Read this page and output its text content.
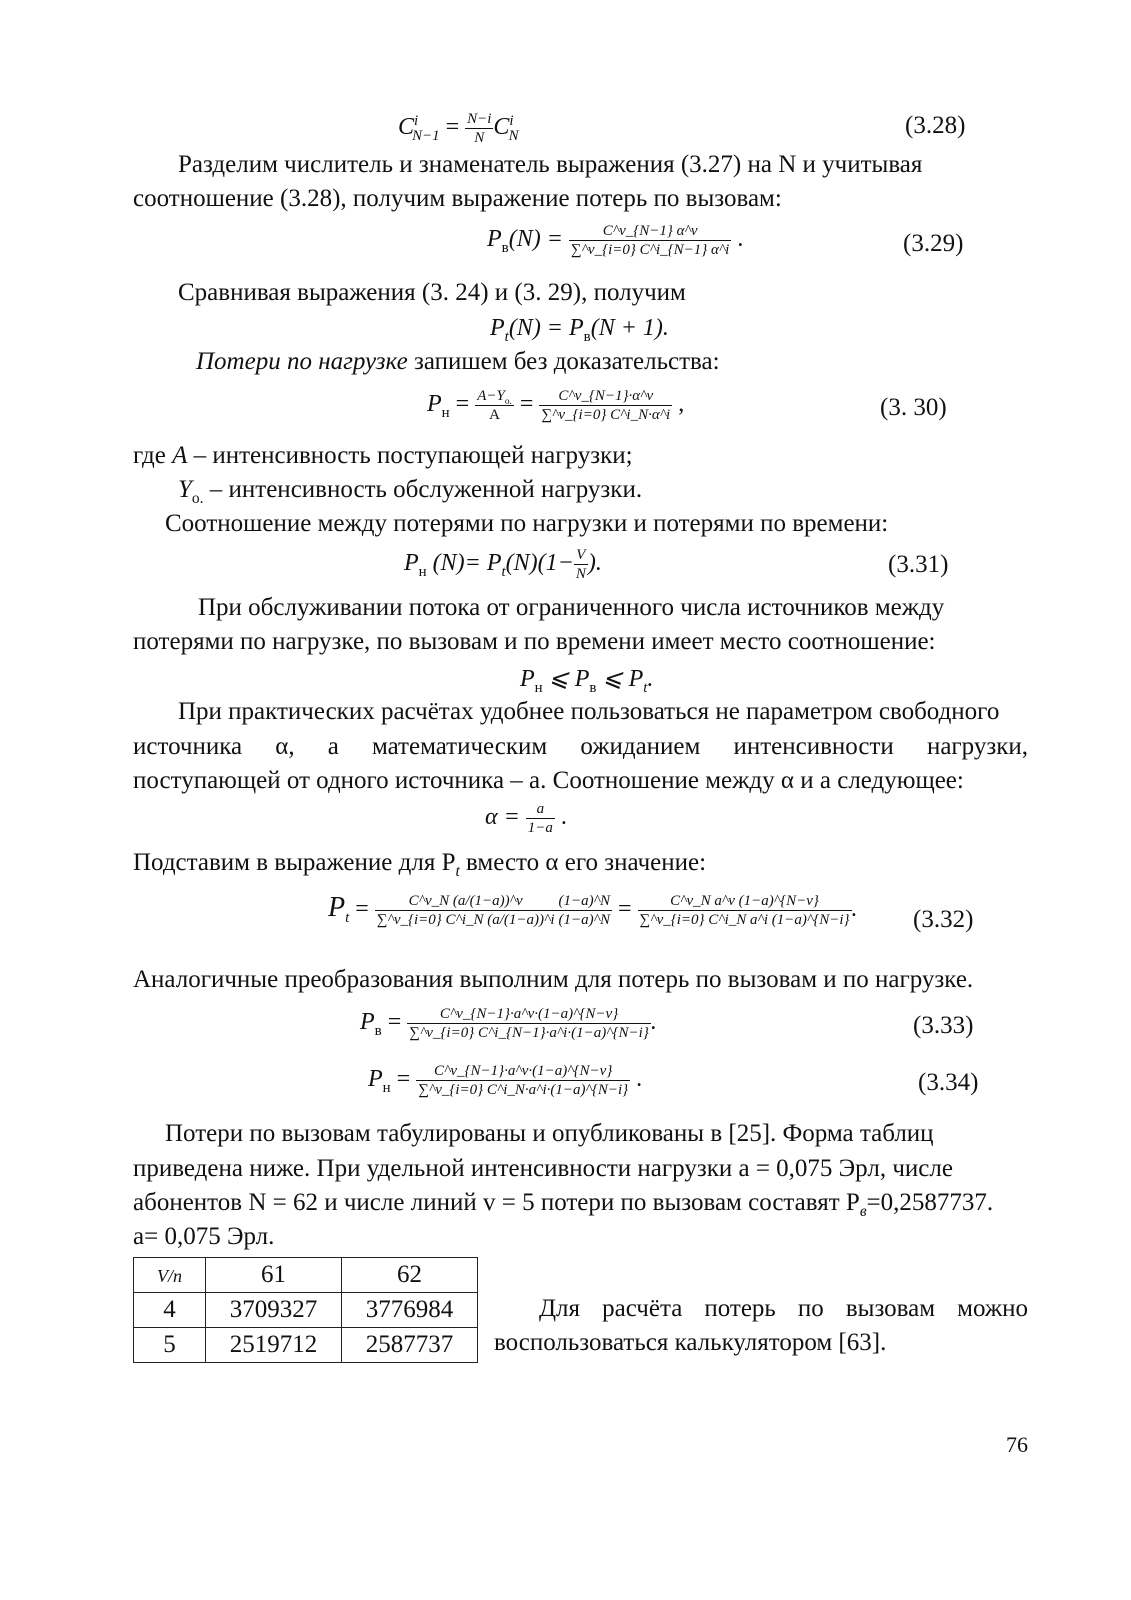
$C^i_{N-1} = \frac{N-i}{N} C^i_N$	(3.28)
Разделим числитель и знаменатель выражения (3.27) на N и учитывая
соотношение (3.28), получим выражение потерь по вызовам:
$P_в(N) = \frac{C\^{}v\_\{N-1\} \alpha\^{}v}{\sum\^{}v\_\{i=0\} C\^{}i\_\{N-1\} \alpha\^{}i}$ .	(3.29)
Сравнивая выражения (3. 24) и (3. 29), получим
$P_t(N) = P_в(N + 1)$.
Потери по нагрузке запишем без доказательства:
$P_н = \frac{A-Y_{o.}}{A} = \frac{C\^{}v\_\{N-1\}\cdot\alpha\^{}v}{\sum\^{}v\_\{i=0\} C\^{}i\_N\cdot\alpha\^{}i}$ ,	(3. 30)
где A – интенсивность поступающей нагрузки;
$Y_{o.}$ – интенсивность обслуженной нагрузки.
Соотношение между потерями по нагрузки и потерями по времени:
$P_н$ $(N)= P_t(N)(1- \frac{V}{N}$ ).	(3.31)
При обслуживании потока от ограниченного числа источников между
потерями по нагрузке, по вызовам и по времени имеет место соотношение:
$P_н$ ⩽ $P_в$ ⩽ $P_t$.
При практических расчётах удобнее пользоваться не параметром свободного
источника α, а математическим ожиданием интенсивности нагрузки,
поступающей от одного источника – a. Соотношение между α и a следующее:
$\alpha = \frac{a}{1-a}$ .
Подставим в выражение для $P_t$ вместо α его значение:
$P_t = \frac{C\^{}v\_N (a/(1-a))\^{}v}{\sum\^{}v\_\{i=0\} C\^{}i\_N (a/(1-a))\^{}i} \frac{(1-a)\^{}N}{(1-a)\^{}N} = \frac{\text{C\textasciicircum{}v\_N a\textasciicircum{}v (1−a)\textasciicircum{}\{N−v\}}}{\text{∑\textasciicircum{}v\_\{i=0\} C\textasciicircum{}i\_N a\textasciicircum{}i (1−a)\textasciicircum{}\{N−i\}}}$ . (3.32)
Аналогичные преобразования выполним для потерь по вызовам и по нагрузке.
$P_в = \frac{C\^{}v\_\{N-1\}\cdot a\^{}v\cdot(1-a)\^{}\{N-v\}}{\sum\^{}v\_\{i=0\} C\^{}i\_\{N-1\}\cdot a\^{}i\cdot(1-a)\^{}\{N-i\}}$ .	(3.33)
$P_н = \frac{C\^{}v\_\{N-1\}\cdot a\^{}v\cdot(1-a)\^{}\{N-v\}}{\sum\^{}v\_\{i=0\} C\^{}i\_N\cdot a\^{}i\cdot(1-a)\^{}\{N-i\}}$ .	(3.34)
Потери по вызовам табулированы и опубликованы в [25]. Форма таблиц
приведена ниже. При удельной интенсивности нагрузки a = 0,075 Эрл, числе
абонентов N = 62 и числе линий v = 5 потери по вызовам составят $P_в=0,2587737$.
a= 0,075 Эрл.
V/n	61	62
4	3709327	3776984
5	2519712	2587737
Для расчёта потерь по вызовам можно
воспользоваться калькулятором [63].
76
